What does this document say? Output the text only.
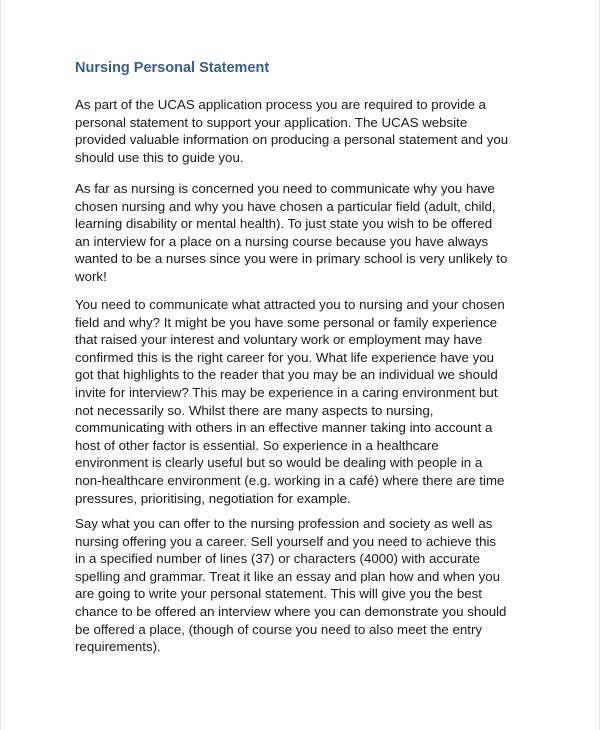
Nursing Personal Statement

As part of the UCAS application process you are required to provide a
personal statement to support your application. The UCAS website
provided valuable information on producing a personal statement and you
should use this to guide you.

As far as nursing is concerned you need to communicate why you have
chosen nursing and why you have chosen a particular field (adult, child,
learning disability or mental health). To just state you wish to be offered
an interview for a place on a nursing course because you have always
wanted to be a nurses since you were in primary school is very unlikely to
work!

You need to communicate what attracted you to nursing and your chosen
field and why? It might be you have some personal or family experience
that raised your interest and voluntary work or employment may have
confirmed this is the right career for you. What life experience have you
got that highlights to the reader that you may be an individual we should
invite for interview? This may be experience in a caring environment but
not necessarily so. Whilst there are many aspects to nursing,
communicating with others in an effective manner taking into account a
host of other factor is essential. So experience in a healthcare
environment is clearly useful but so would be dealing with people in a
non-healthcare environment (e.g. working in a café) where there are time
pressures, prioritising, negotiation for example.

Say what you can offer to the nursing profession and society as well as
nursing offering you a career. Sell yourself and you need to achieve this
in a specified number of lines (37) or characters (4000) with accurate
spelling and grammar. Treat it like an essay and plan how and when you
are going to write your personal statement. This will give you the best
chance to be offered an interview where you can demonstrate you should
be offered a place, (though of course you need to also meet the entry
requirements).
